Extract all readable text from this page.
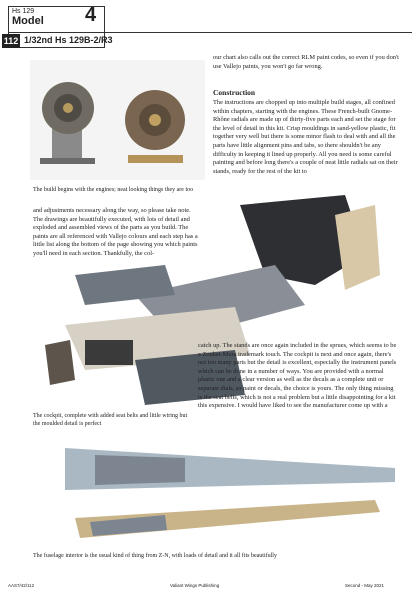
Hs 129
Model 4
112 1/32nd Hs 129B-2/R3
our chart also calls out the correct RLM paint codes, so even if you don't use Vallejo paints, you won't go far wrong.
Construction
The instructions are chopped up into multiple build stages, all confined within chapters, starting with the engines. These French-built Gnome-Rhône radials are made up of thirty-five parts each and set the stage for the level of detail in this kit. Crisp mouldings in sand-yellow plastic, fit together very well but there is some minor flash to deal with and all the parts have little alignment pins and tabs, so there shouldn't be any difficulty in keeping it lined up properly. All you need is some careful painting and before long there's a couple of neat little radials sat on their stands, ready for the rest of the kit to
The build begins with the engines; neat looking things they are too
and adjustments necessary along the way, so please take note. The drawings are beautifully executed, with lots of detail and exploded and assembled views of the parts as you build. The paints are all referenced with Vallejo colours and each step has a little list along the bottom of the page showing you which paints you'll need in each section. Thankfully, the col-
catch up. The stands are once again included in the sprues, which seems to be a Zoukei-Mura trademark touch. The cockpit is next and once again, there's not too many parts but the detail is excellent, especially the instrument panels which can be done in a number of ways. You are provided with a normal plastic one and a clear version as well as the decals as a complete unit or separate dials, so paint or decals, the choice is yours. The only thing missing is the seat belts, which is not a real problem but a little disappointing for a kit this expensive. I would have liked to see the manufacturer come up with a
The cockpit, complete with added seat belts and little wiring but the moulded detail is perfect
The fuselage interior is the usual kind of thing from Z-N, with loads of detail and it all fits beautifully
AAS7/42/112	Valiant Wings Publishing	Second - May 2021
